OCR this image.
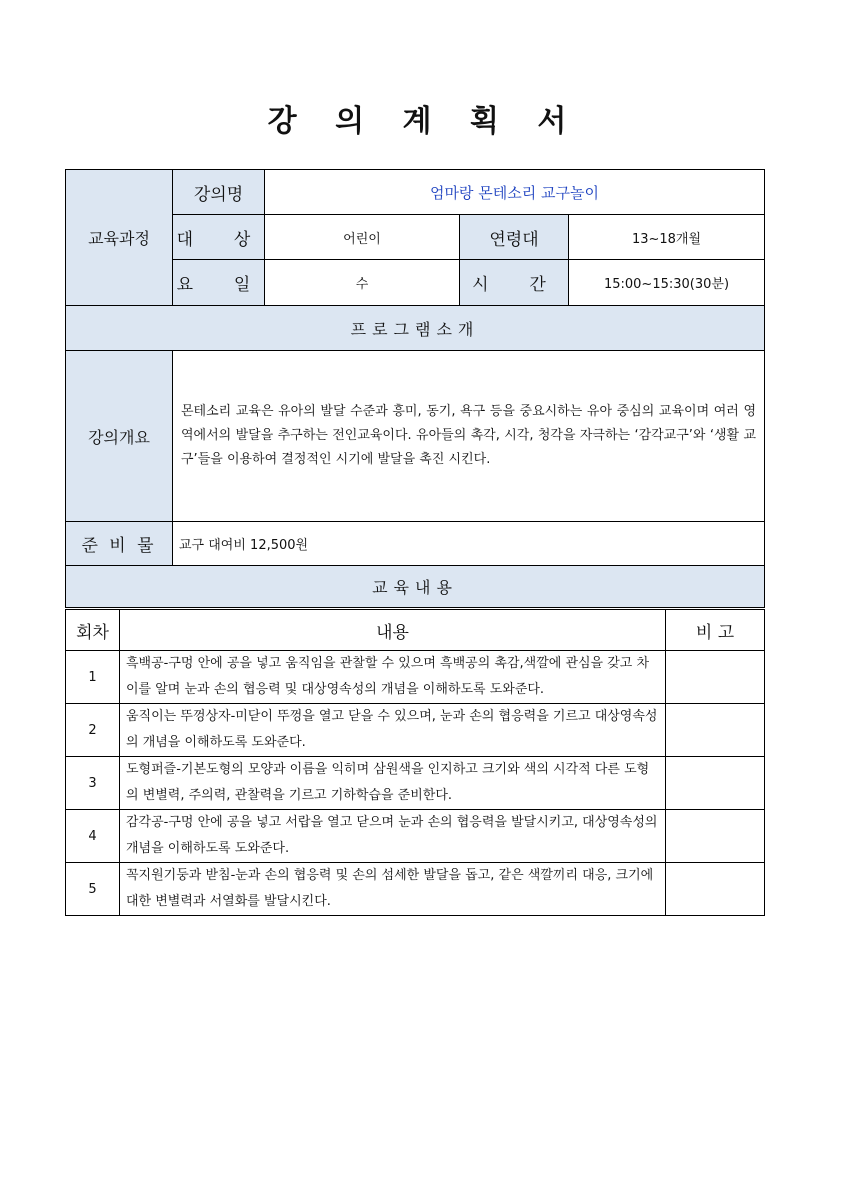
강 의 계 획 서
교육과정	강의명	엄마랑 몬테소리 교구놀이		
	대  상	어린이	연령대	13~18개월
	요  일	수	시  간	15:00~15:30(30분)
프로그램소개				
강의개요	몬테소리 교육은 유아의 발달 수준과 흥미, 동기, 욕구 등을 중요시하는 유아 중심의 교육이며 여러 영역에서의 발달을 추구하는 전인교육이다. 유아들의 촉각, 시각, 청각을 자극하는 ‘감각교구’와 ‘생활 교구’들을 이용하여 결정적인 시기에 발달을 촉진 시킨다.			
준 비 물	교구 대여비 12,500원			
교육내용				
회차	내용	비 고
1	흑백공-구멍 안에 공을 넣고 움직임을 관찰할 수 있으며 흑백공의 촉감,색깔에 관심을 갖고 차이를 알며 눈과 손의 협응력 및 대상영속성의 개념을 이해하도록 도와준다.	
2	움직이는 뚜껑상자-미닫이 뚜껑을 열고 닫을 수 있으며, 눈과 손의 협응력을 기르고 대상영속성의 개념을 이해하도록 도와준다.	
3	도형퍼즐-기본도형의 모양과 이름을 익히며 삼원색을 인지하고 크기와 색의 시각적 다른 도형의 변별력, 주의력, 관찰력을 기르고 기하학습을 준비한다.	
4	감각공-구멍 안에 공을 넣고 서랍을 열고 닫으며 눈과 손의 협응력을 발달시키고, 대상영속성의 개념을 이해하도록 도와준다.	
5	꼭지원기둥과 받침-눈과 손의 협응력 및 손의 섬세한 발달을 돕고, 같은 색깔끼리 대응, 크기에 대한 변별력과 서열화를 발달시킨다.	
